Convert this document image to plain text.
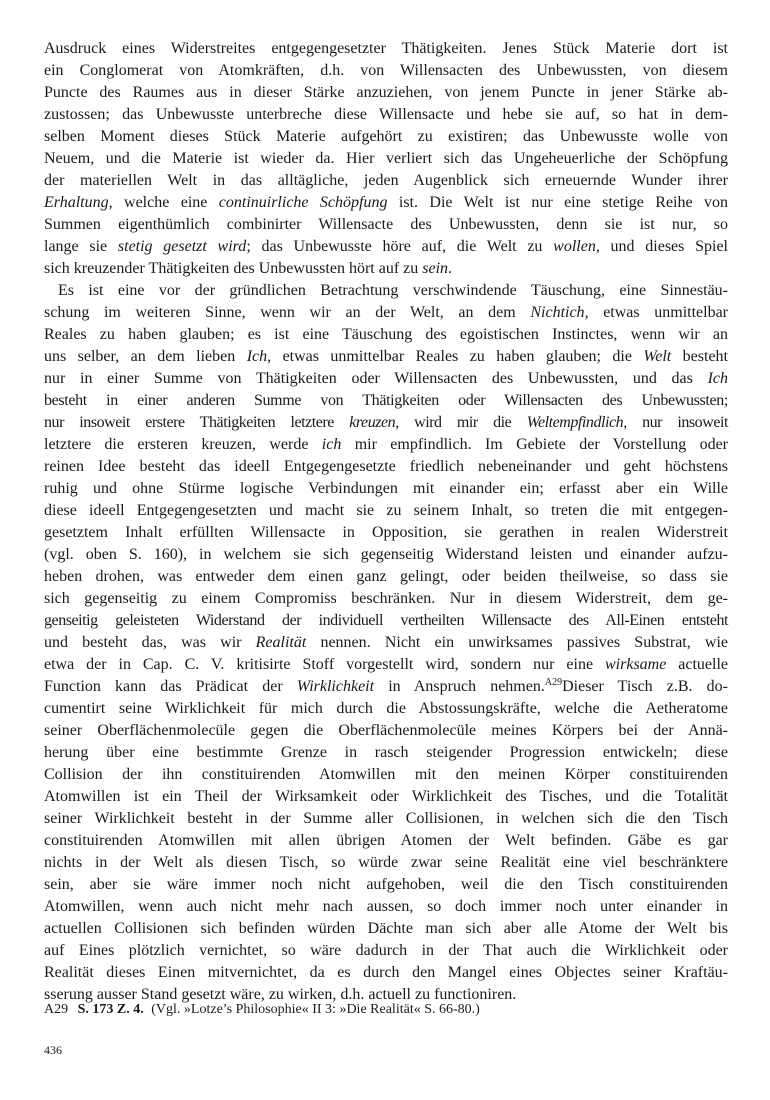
Ausdruck eines Widerstreites entgegengesetzter Thätigkeiten. Jenes Stück Materie dort ist
ein Conglomerat von Atomkräften, d.h. von Willensacten des Unbewussten, von diesem
Puncte des Raumes aus in dieser Stärke anzuziehen, von jenem Puncte in jener Stärke ab-
zustossen; das Unbewusste unterbreche diese Willensacte und hebe sie auf, so hat in dem-
selben Moment dieses Stück Materie aufgehört zu existiren; das Unbewusste wolle von
Neuem, und die Materie ist wieder da. Hier verliert sich das Ungeheuerliche der Schöpfung
der materiellen Welt in das alltägliche, jeden Augenblick sich erneuernde Wunder ihrer
Erhaltung, welche eine continuirliche Schöpfung ist. Die Welt ist nur eine stetige Reihe von
Summen eigenthümlich combinirter Willensacte des Unbewussten, denn sie ist nur, so
lange sie stetig gesetzt wird; das Unbewusste höre auf, die Welt zu wollen, und dieses Spiel
sich kreuzender Thätigkeiten des Unbewussten hört auf zu sein.
Es ist eine vor der gründlichen Betrachtung verschwindende Täuschung, eine Sinnestäu-
schung im weiteren Sinne, wenn wir an der Welt, an dem Nichtich, etwas unmittelbar
Reales zu haben glauben; es ist eine Täuschung des egoistischen Instinctes, wenn wir an
uns selber, an dem lieben Ich, etwas unmittelbar Reales zu haben glauben; die Welt besteht
nur in einer Summe von Thätigkeiten oder Willensacten des Unbewussten, und das Ich
besteht in einer anderen Summe von Thätigkeiten oder Willensacten des Unbewussten;
nur insoweit erstere Thätigkeiten letztere kreuzen, wird mir die Weltempfindlich, nur insoweit
letztere die ersteren kreuzen, werde ich mir empfindlich. Im Gebiete der Vorstellung oder
reinen Idee besteht das ideell Entgegengesetzte friedlich nebeneinander und geht höchstens
ruhig und ohne Stürme logische Verbindungen mit einander ein; erfasst aber ein Wille
diese ideell Entgegengesetzten und macht sie zu seinem Inhalt, so treten die mit entgegen-
gesetztem Inhalt erfüllten Willensacte in Opposition, sie gerathen in realen Widerstreit
(vgl. oben S. 160), in welchem sie sich gegenseitig Widerstand leisten und einander aufzu-
heben drohen, was entweder dem einen ganz gelingt, oder beiden theilweise, so dass sie
sich gegenseitig zu einem Compromiss beschränken. Nur in diesem Widerstreit, dem ge-
genseitig geleisteten Widerstand der individuell vertheilten Willensacte des All-Einen entsteht
und besteht das, was wir Realität nennen. Nicht ein unwirksames passives Substrat, wie
etwa der in Cap. C. V. kritisirte Stoff vorgestellt wird, sondern nur eine wirksame actuelle
Function kann das Prädicat der Wirklichkeit in Anspruch nehmen.$^{A29}$Dieser Tisch z.B. do-
cumentirt seine Wirklichkeit für mich durch die Abstossungskräfte, welche die Aetheratome
seiner Oberflächenmolecüle gegen die Oberflächenmolecüle meines Körpers bei der Annä-
herung über eine bestimmte Grenze in rasch steigender Progression entwickeln; diese
Collision der ihn constituirenden Atomwillen mit den meinen Körper constituirenden
Atomwillen ist ein Theil der Wirksamkeit oder Wirklichkeit des Tisches, und die Totalität
seiner Wirklichkeit besteht in der Summe aller Collisionen, in welchen sich die den Tisch
constituirenden Atomwillen mit allen übrigen Atomen der Welt befinden. Gäbe es gar
nichts in der Welt als diesen Tisch, so würde zwar seine Realität eine viel beschränktere
sein, aber sie wäre immer noch nicht aufgehoben, weil die den Tisch constituirenden
Atomwillen, wenn auch nicht mehr nach aussen, so doch immer noch unter einander in
actuellen Collisionen sich befinden würden Dächte man sich aber alle Atome der Welt bis
auf Eines plötzlich vernichtet, so wäre dadurch in der That auch die Wirklichkeit oder
Realität dieses Einen mitvernichtet, da es durch den Mangel eines Objectes seiner Kraftäu-
sserung ausser Stand gesetzt wäre, zu wirken, d.h. actuell zu functioniren.
A29 S. 173 Z. 4. (Vgl. »Lotze’s Philosophie« II 3: »Die Realität« S. 66-80.)
436
